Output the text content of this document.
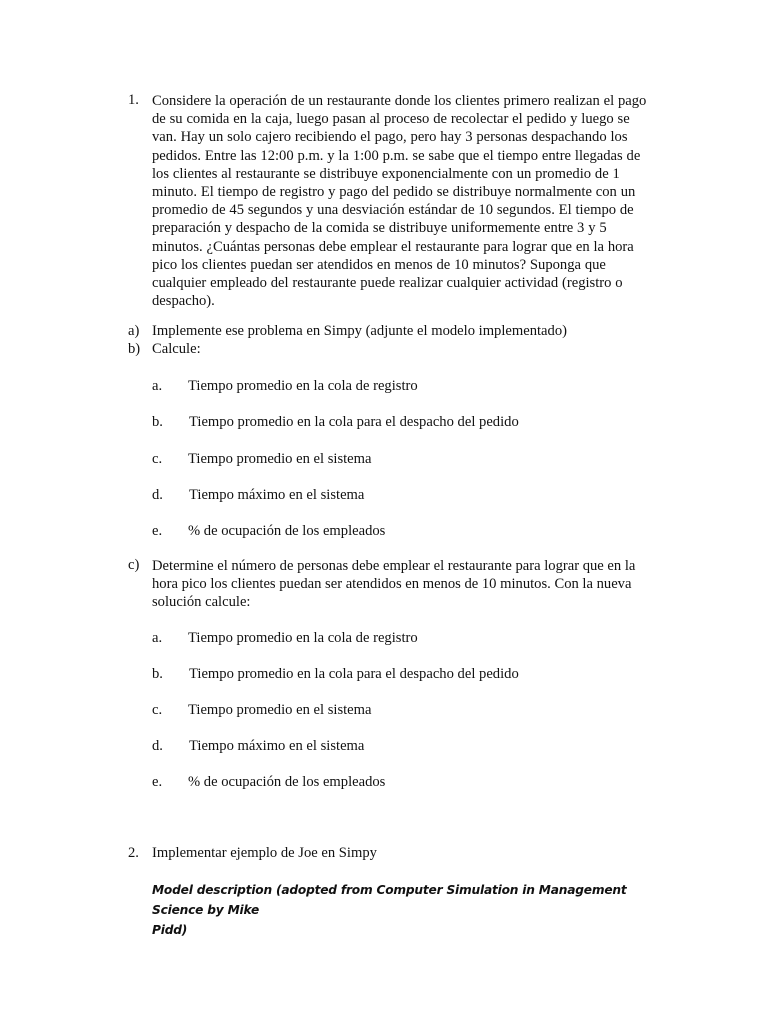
1. Considere la operación de un restaurante donde los clientes primero realizan el pago
de su comida en la caja, luego pasan al proceso de recolectar el pedido y luego se
van. Hay un solo cajero recibiendo el pago, pero hay 3 personas despachando los
pedidos. Entre las 12:00 p.m. y la 1:00 p.m. se sabe que el tiempo entre llegadas de
los clientes al restaurante se distribuye exponencialmente con un promedio de 1
minuto. El tiempo de registro y pago del pedido se distribuye normalmente con un
promedio de 45 segundos y una desviación estándar de 10 segundos. El tiempo de
preparación y despacho de la comida se distribuye uniformemente entre 3 y 5
minutos. ¿Cuántas personas debe emplear el restaurante para lograr que en la hora
pico los clientes puedan ser atendidos en menos de 10 minutos? Suponga que
cualquier empleado del restaurante puede realizar cualquier actividad (registro o
despacho).
a) Implemente ese problema en Simpy (adjunte el modelo implementado)
b) Calcule:
a. Tiempo promedio en la cola de registro
b. Tiempo promedio en la cola para el despacho del pedido
c. Tiempo promedio en el sistema
d. Tiempo máximo en el sistema
e. % de ocupación de los empleados
c) Determine el número de personas debe emplear el restaurante para lograr que en la
hora pico los clientes puedan ser atendidos en menos de 10 minutos. Con la nueva
solución calcule:
a. Tiempo promedio en la cola de registro
b. Tiempo promedio en la cola para el despacho del pedido
c. Tiempo promedio en el sistema
d. Tiempo máximo en el sistema
e. % de ocupación de los empleados
2. Implementar ejemplo de Joe en Simpy
Model description (adopted from Computer Simulation in Management Science by Mike
Pidd)
